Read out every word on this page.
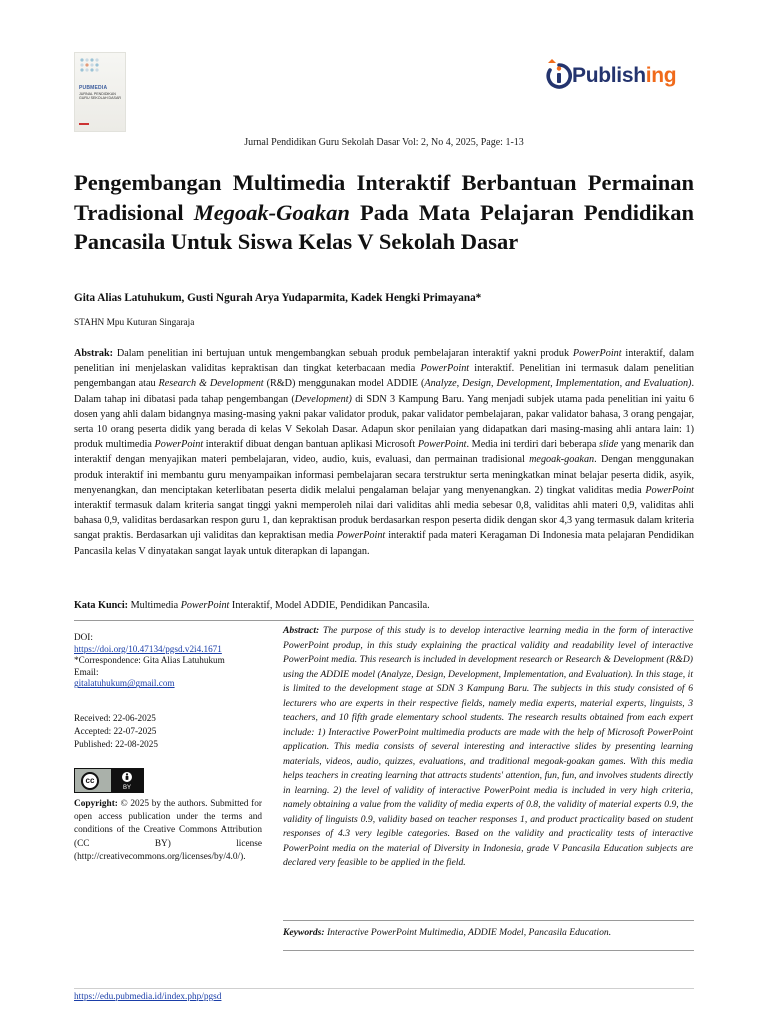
PUBMEDIA
JURNAL PENDIDIKAN GURU SEKOLAH DASAR
Publishing
Jurnal Pendidikan Guru Sekolah Dasar Vol: 2, No 4, 2025, Page: 1-13
Pengembangan Multimedia Interaktif Berbantuan Permainan Tradisional Megoak-Goakan Pada Mata Pelajaran Pendidikan Pancasila Untuk Siswa Kelas V Sekolah Dasar
Gita Alias Latuhukum, Gusti Ngurah Arya Yudaparmita, Kadek Hengki Primayana*
STAHN Mpu Kuturan Singaraja
Abstrak: Dalam penelitian ini bertujuan untuk mengembangkan sebuah produk pembelajaran interaktif yakni produk PowerPoint interaktif, dalam penelitian ini menjelaskan validitas kepraktisan dan tingkat keterbacaan media PowerPoint interaktif. Penelitian ini termasuk dalam penelitian pengembangan atau Research & Development (R&D) menggunakan model ADDIE (Analyze, Design, Development, Implementation, and Evaluation). Dalam tahap ini dibatasi pada tahap pengembangan (Development) di SDN 3 Kampung Baru. Yang menjadi subjek utama pada penelitian ini yaitu 6 dosen yang ahli dalam bidangnya masing-masing yakni pakar validator produk, pakar validator pembelajaran, pakar validator bahasa, 3 orang pengajar, serta 10 orang peserta didik yang berada di kelas V Sekolah Dasar. Adapun skor penilaian yang didapatkan dari masing-masing ahli antara lain: 1) produk multimedia PowerPoint interaktif dibuat dengan bantuan aplikasi Microsoft PowerPoint. Media ini terdiri dari beberapa slide yang menarik dan interaktif dengan menyajikan materi pembelajaran, video, audio, kuis, evaluasi, dan permainan tradisional megoak-goakan. Dengan menggunakan produk interaktif ini membantu guru menyampaikan informasi pembelajaran secara terstruktur serta meningkatkan minat belajar peserta didik, asyik, menyenangkan, dan menciptakan keterlibatan peserta didik melalui pengalaman belajar yang menyenangkan. 2) tingkat validitas media PowerPoint interaktif termasuk dalam kriteria sangat tinggi yakni memperoleh nilai dari validitas ahli media sebesar 0,8, validitas ahli materi 0,9, validitas ahli bahasa 0,9, validitas berdasarkan respon guru 1, dan kepraktisan produk berdasarkan respon peserta didik dengan skor 4,3 yang termasuk dalam kriteria sangat praktis. Berdasarkan uji validitas dan kepraktisan media PowerPoint interaktif pada materi Keragaman Di Indonesia mata pelajaran Pendidikan Pancasila kelas V dinyatakan sangat layak untuk diterapkan di lapangan.
Kata Kunci: Multimedia PowerPoint Interaktif, Model ADDIE, Pendidikan Pancasila.
DOI:
https://doi.org/10.47134/pgsd.v2i4.1671
*Correspondence: Gita Alias Latuhukum
Email:
gitalatuhukum@gmail.com
Received: 22-06-2025
Accepted: 22-07-2025
Published: 22-08-2025
cc
BY
Copyright: © 2025 by the authors. Submitted for open access publication under the terms and conditions of the Creative Commons Attribution (CC BY) license (http://creativecommons.org/licenses/by/4.0/).
Abstract: The purpose of this study is to develop interactive learning media in the form of interactive PowerPoint produp, in this study explaining the practical validity and readability level of interactive PowerPoint media. This research is included in development research or Research & Development (R&D) using the ADDIE model (Analyze, Design, Development, Implementation, and Evaluation). In this stage, it is limited to the development stage at SDN 3 Kampung Baru. The subjects in this study consisted of 6 lecturers who are experts in their respective fields, namely media experts, material experts, linguists, 3 teachers, and 10 fifth grade elementary school students. The research results obtained from each expert include: 1) Interactive PowerPoint multimedia products are made with the help of Microsoft PowerPoint application. This media consists of several interesting and interactive slides by presenting learning materials, videos, audio, quizzes, evaluations, and traditional megoak-goakan games. With this media helps teachers in creating learning that attracts students' attention, fun, fun, and involves students directly in learning. 2) the level of validity of interactive PowerPoint media is included in very high criteria, namely obtaining a value from the validity of media experts of 0.8, the validity of material experts 0.9, the validity of linguists 0.9, validity based on teacher responses 1, and product practicality based on student responses of 4.3 very legible categories. Based on the validity and practicality tests of interactive PowerPoint media on the material of Diversity in Indonesia, grade V Pancasila Education subjects are declared very feasible to be applied in the field.
Keywords: Interactive PowerPoint Multimedia, ADDIE Model, Pancasila Education.
https://edu.pubmedia.id/index.php/pgsd
